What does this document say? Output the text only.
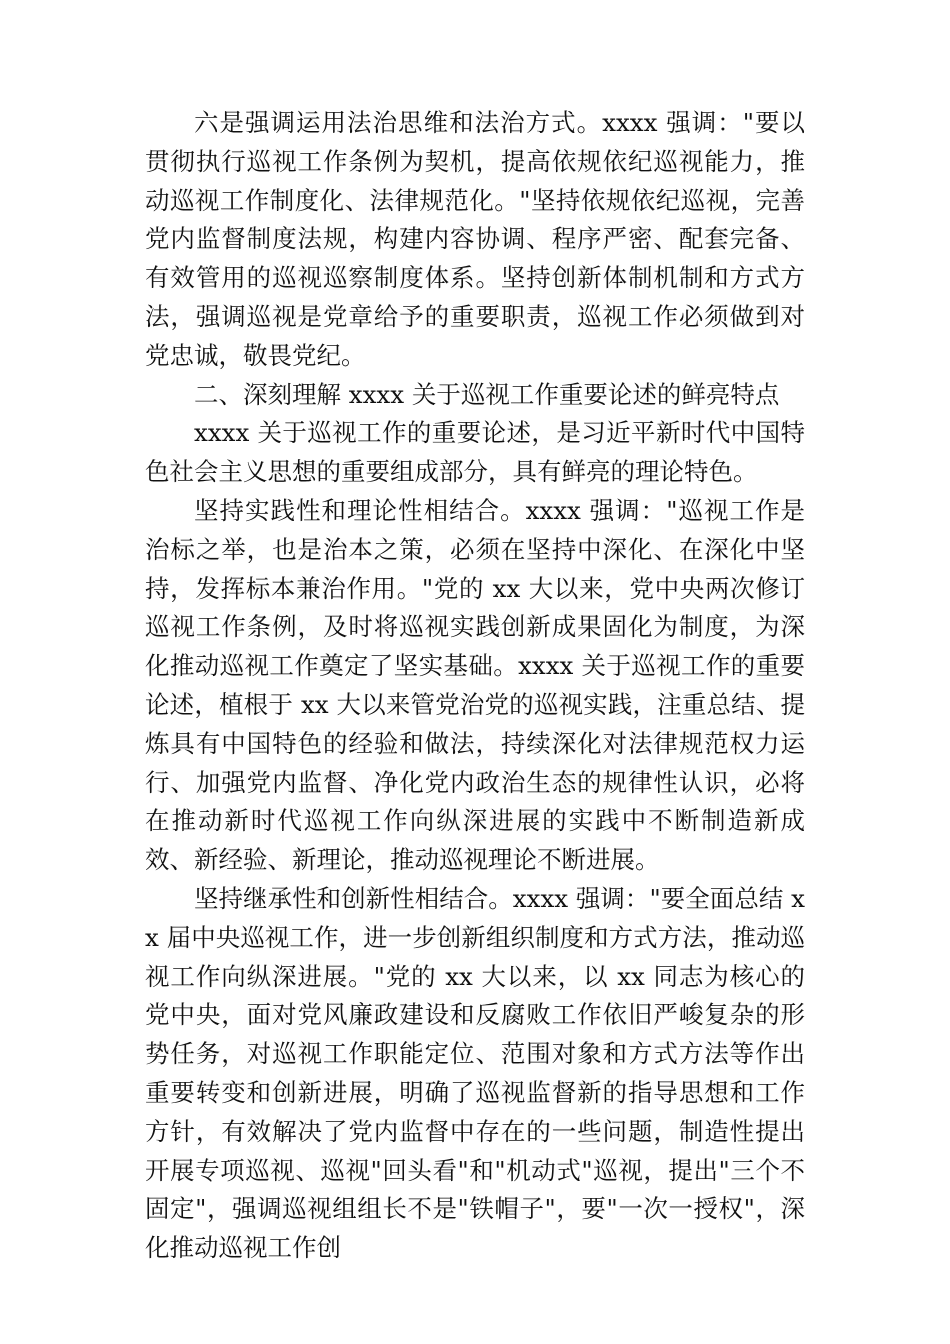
六是强调运用法治思维和法治方式。xxxx 强调："要以贯彻执行巡视工作条例为契机，提高依规依纪巡视能力，推动巡视工作制度化、法律规范化。"坚持依规依纪巡视，完善党内监督制度法规，构建内容协调、程序严密、配套完备、有效管用的巡视巡察制度体系。坚持创新体制机制和方式方法，强调巡视是党章给予的重要职责，巡视工作必须做到对党忠诚，敬畏党纪。

二、深刻理解 xxxx 关于巡视工作重要论述的鲜亮特点

xxxx 关于巡视工作的重要论述，是习近平新时代中国特色社会主义思想的重要组成部分，具有鲜亮的理论特色。

坚持实践性和理论性相结合。xxxx 强调："巡视工作是治标之举，也是治本之策，必须在坚持中深化、在深化中坚持，发挥标本兼治作用。"党的 xx 大以来，党中央两次修订巡视工作条例，及时将巡视实践创新成果固化为制度，为深化推动巡视工作奠定了坚实基础。xxxx 关于巡视工作的重要论述，植根于 xx 大以来管党治党的巡视实践，注重总结、提炼具有中国特色的经验和做法，持续深化对法律规范权力运行、加强党内监督、净化党内政治生态的规律性认识，必将在推动新时代巡视工作向纵深进展的实践中不断制造新成效、新经验、新理论，推动巡视理论不断进展。

坚持继承性和创新性相结合。xxxx 强调："要全面总结 xx 届中央巡视工作，进一步创新组织制度和方式方法，推动巡视工作向纵深进展。"党的 xx 大以来，以 xx 同志为核心的党中央，面对党风廉政建设和反腐败工作依旧严峻复杂的形势任务，对巡视工作职能定位、范围对象和方式方法等作出重要转变和创新进展，明确了巡视监督新的指导思想和工作方针，有效解决了党内监督中存在的一些问题，制造性提出开展专项巡视、巡视"回头看"和"机动式"巡视，提出"三个不固定"，强调巡视组组长不是"铁帽子"，要"一次一授权"，深化推动巡视工作创
